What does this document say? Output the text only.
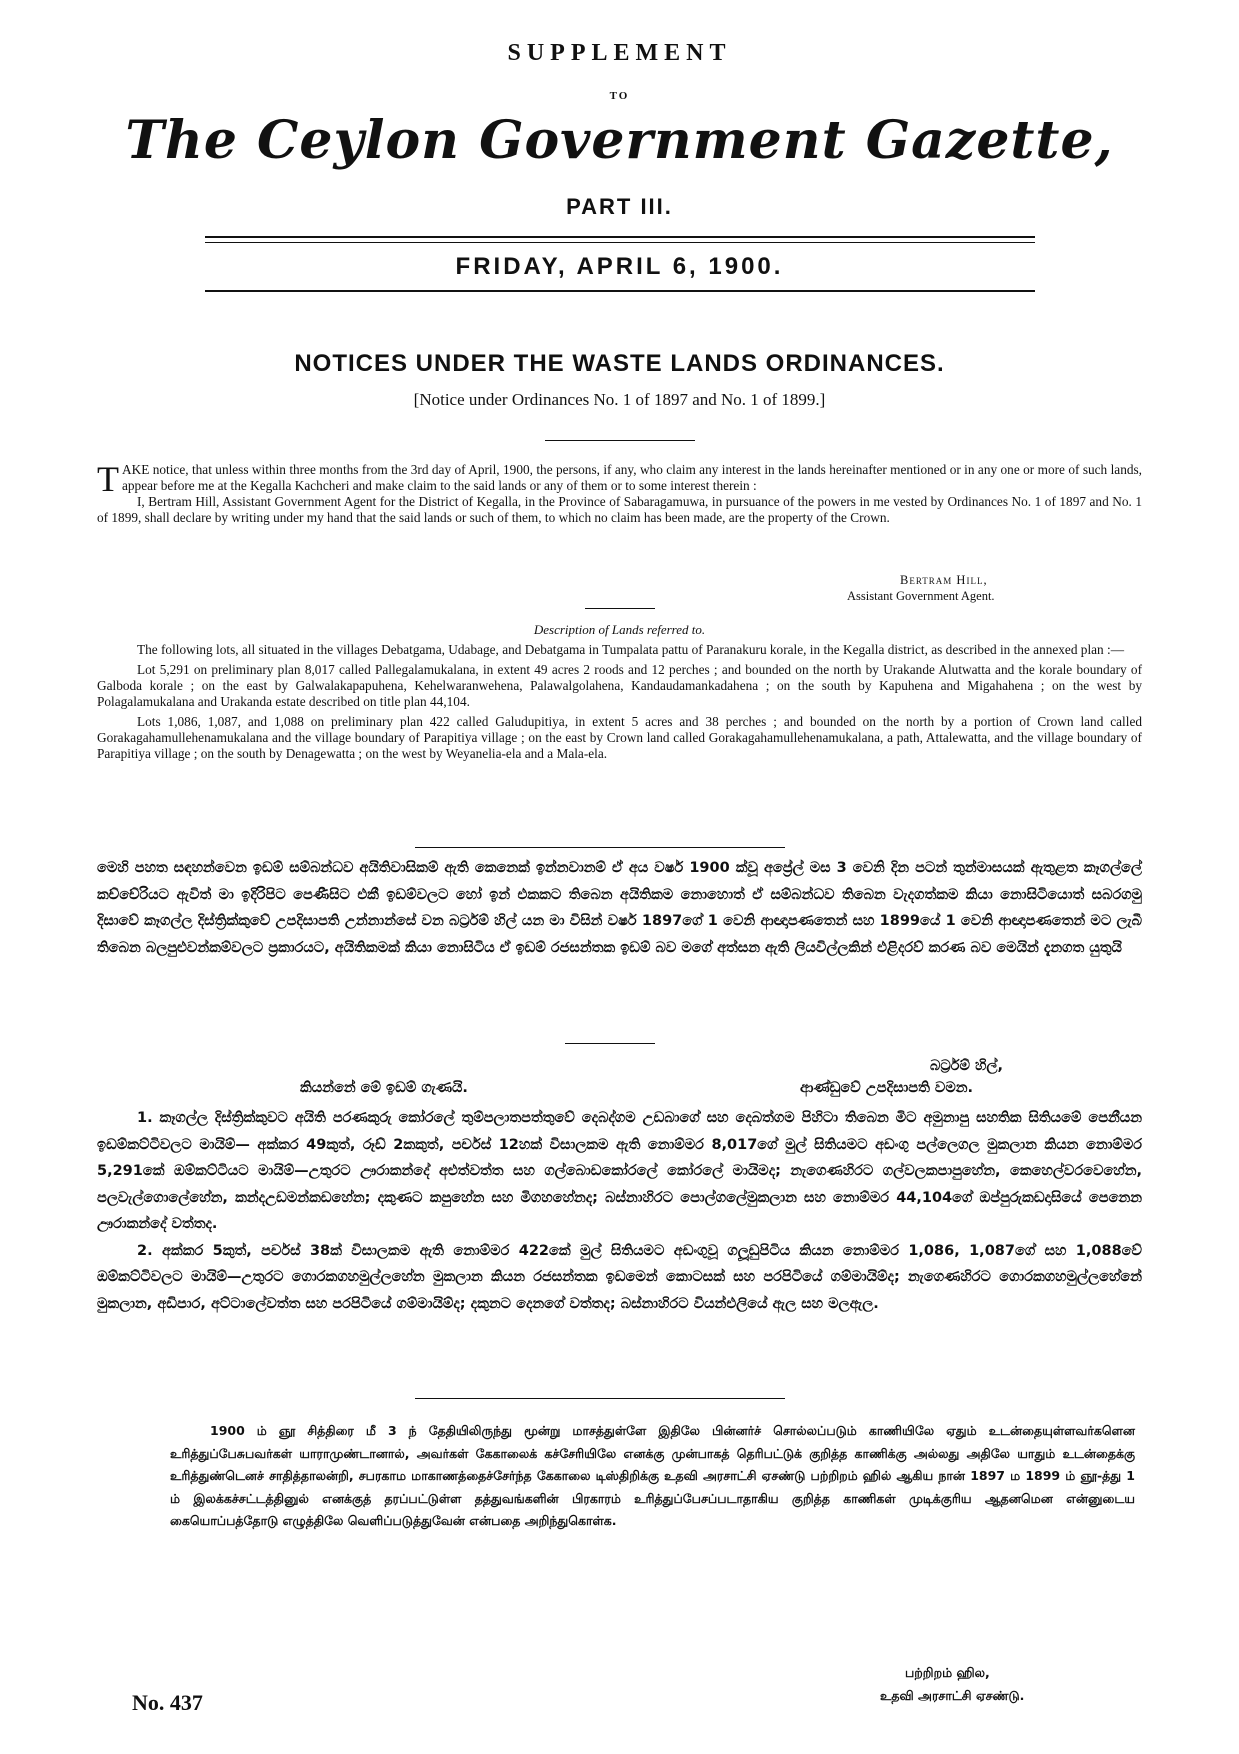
SUPPLEMENT
TO
The Ceylon Government Gazette,
PART III.
FRIDAY, APRIL 6, 1900.
NOTICES UNDER THE WASTE LANDS ORDINANCES.
[Notice under Ordinances No. 1 of 1897 and No. 1 of 1899.]

TAKE notice, that unless within three months from the 3rd day of April, 1900, the persons, if any, who claim any interest in the lands hereinafter mentioned or in any one or more of such lands, appear before me at the Kegalla Kachcheri and make claim to the said lands or any of them or to some interest therein :

I, Bertram Hill, Assistant Government Agent for the District of Kegalla, in the Province of Sabaragamuwa, in pursuance of the powers in me vested by Ordinances No. 1 of 1897 and No. 1 of 1899, shall declare by writing under my hand that the said lands or such of them, to which no claim has been made, are the property of the Crown.

Bertram Hill,
Assistant Government Agent.
Description of Lands referred to.

The following lots, all situated in the villages Debatgama, Udabage, and Debatgama in Tumpalata pattu of Paranakuru korale, in the Kegalla district, as described in the annexed plan :—

Lot 5,291 on preliminary plan 8,017 called Pallegalamukalana, in extent 49 acres 2 roods and 12 perches ; and bounded on the north by Urakande Alutwatta and the korale boundary of Galboda korale ; on the east by Galwalakapapuhena, Kehelwaranwehena, Palawalgolahena, Kandaudamankadahena ; on the south by Kapuhena and Migahahena ; on the west by Polagalamukalana and Urakanda estate described on title plan 44,104.

Lots 1,086, 1,087, and 1,088 on preliminary plan 422 called Galudupitiya, in extent 5 acres and 38 perches ; and bounded on the north by a portion of Crown land called Gorakagahamullehenamukalana and the village boundary of Parapitiya village ; on the east by Crown land called Gorakagahamullehenamukalana, a path, Attalewatta, and the village boundary of Parapitiya village ; on the south by Denagewatta ; on the west by Weyanelia-ela and a Mala-ela.

මෙහි පහත සඳහන්වෙන ඉඩම් සම්බන්ධව අයිතිවාසිකම් ඇති කෙනෙක් ඉන්නවානම් ඒ අය වර්ෂ 1900 ක්වූ අප්‍රේල් මස 3 වෙනි දින පටන් තුන්මාසයක් ඇතුළත කෑගල්ලේ කච්චේරියට ඇවිත් මා ඉදිරිපිට පෙණීසිට එකී ඉඩම්වලට හෝ ඉන් එකකට තිබෙන අයිතිකම නොහොත් ඒ සම්බන්ධව තිබෙන වැදගත්කම කියා නොසිටියොත් සබරගමු දිසාවේ කෑගල්ල දිස්ත්‍රික්කුවේ උපදිසාපති උන්නාන්සේ වන බර්ට්‍රම් හිල් යන මා විසින් වර්ෂ 1897ගේ 1 වෙනි ආඥාපණතෙන් සහ 1899යේ 1 වෙනි ආඥාපණතෙන් මට ලැබී තිබෙන බලපුළුවන්කම්වලට ප්‍රකාරයට, අයිතිකමක් කියා නොසිටිය ඒ ඉඩම් රජසන්තක ඉඩම් බව මගේ අත්සන ඇති ලියවිල්ලකින් එළිදරව් කරණ බව මෙයින් දැනගත යුතුයි

බර්ට්‍රම් හිල්,
කියන්නේ මේ ඉඩම් ගැණයි.	ආණ්ඩුවේ උපදිසාපති වමන.

1. කෑගල්ල දිස්ත්‍රික්කුවට අයිති පරණකුරු කෝරලේ තුම්පලාතපත්තුවේ දෙබද්ගම උඩබාගේ සහ දෙබත්ගම පිහිටා තිබෙන මිට අමුනාපු සහතික සිතියමේ පෙනීයන ඉඩම්කට්ටිවලට මායිම්— අක්කර 49කුත්, රූඩ් 2කකුත්, පර්චස් 12හක් විසාලකම ඇති නොම්මර 8,017ගේ මුල් සිතියමට අඩංගු පල්ලෙගල මුකලාන කියන නොම්මර 5,291කේ ඔම්කට්ටියට මායිම්—උතුරට ඌරාකන්දේ අළුත්වත්ත සහ ගල්බොඩකෝරලේ කෝරලේ මායිමද; නැගෙණහිරට ගල්වලකපාපුහේන, කෙහෙල්වරවෙහේන, පලවැල්ගොලේහේන, කන්දඋඩමන්කඩහේන; දකුණට කපුහේන සහ මිගහහේනද; බස්නාහිරට පොල්ගලේමුකලාන සහ නොම්මර 44,104ගේ ඔප්පුරුකඩදාසියේ පෙනෙන ඌරාකන්දේ වත්තද.

2. අක්කර 5කුත්, පර්චස් 38ක් විසාලකම ඇති නොම්මර 422කේ මුල් සිතියමට අඩංගුවූ ගලූඩුපිටිය කියන නොම්මර 1,086, 1,087ගේ සහ 1,088වේ ඔම්කට්ටිවලට මායිම්—උතුරට ගොරකගහමුල්ලහේන මුකලාන කියන රජසන්තක ඉඩමෙන් කොටසක් සහ පරපිටියේ ගම්මායිම්ද; නැගෙණහිරට ගොරකගහමුල්ලහේනේ මුකලාන, අඩිපාර, අට්ටාලේවත්ත සහ පරපිටියේ ගම්මායිම්ද; දකුනට දෙනගේ වත්තද; බස්නාහිරට වියන්එලියේ ඇල සහ මලඇල.

1900 ம் ஞூ சித்திரை மீ 3 ந் தேதியிலிருந்து மூன்று மாசத்துள்ளே இதிலே பின்னர்ச் சொல்லப்படும் காணியிலே ஏதும் உடன்தையுள்ளவர்களென உரித்துப்பேசுபவர்கள் யாராமுண்டானால், அவர்கள் கேகாலைக் கச்சேரியிலே எனக்கு முன்பாகத் தெரிபட்டுக் குறித்த காணிக்கு அல்லது அதிலே யாதும் உடன்தைக்கு உரித்துண்டெனச் சாதித்தாலன்றி, சபரகாம மாகாணத்தைச்சேர்ந்த கேகாலை டிஸ்திறிக்கு உதவி அரசாட்சி ஏசண்டு பற்றிறம் ஹில் ஆகிய நான் 1897 ம 1899 ம் ஞூ-த்து 1 ம் இலக்கச்சட்டத்தினுல் எனக்குத் தரப்பட்டுள்ள தத்துவங்களின் பிரகாரம் உரித்துப்பேசப்படாதாகிய குறித்த காணிகள் முடிக்குரிய ஆதனமென என்னுடைய கையொப்பத்தோடு எழுத்திலே வெளிப்படுத்துவேன் என்பதை அறிந்துகொள்க.

பற்றிறம் ஹில,
உதவி அரசாட்சி ஏசண்டு.
No. 437
